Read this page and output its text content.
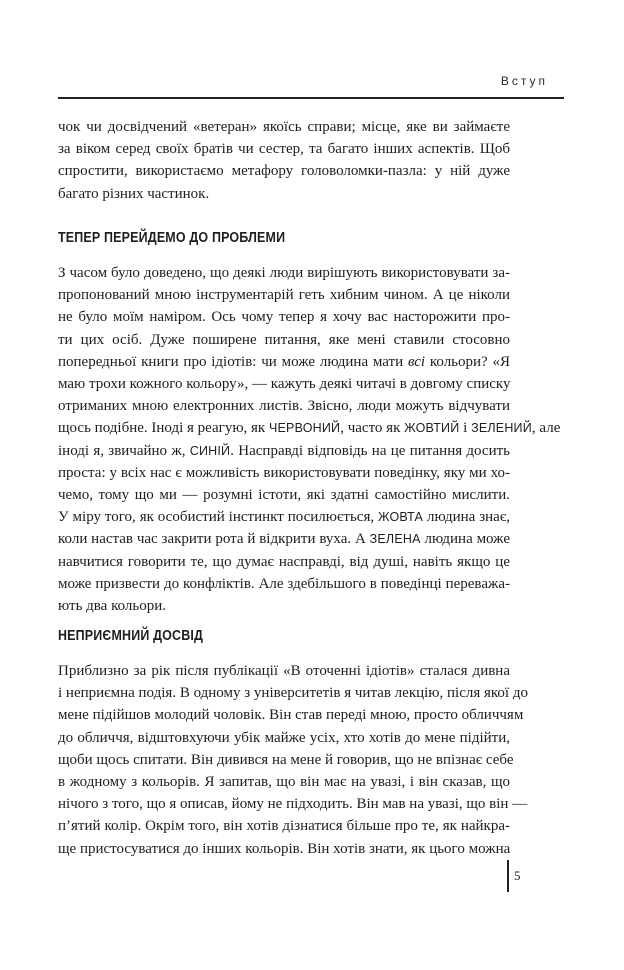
Вступ

чок чи досвідчений «ветеран» якоїсь справи; місце, яке ви займаєте
за віком серед своїх братів чи сестер, та багато інших аспектів. Щоб
спростити, використаємо метафору головоломки-пазла: у ній дуже
багато різних частинок.

ТЕПЕР ПЕРЕЙДЕМО ДО ПРОБЛЕМИ

З часом було доведено, що деякі люди вирішують використовувати за-
пропонований мною інструментарій геть хибним чином. А це ніколи
не було моїм наміром. Ось чому тепер я хочу вас насторожити про-
ти цих осіб. Дуже поширене питання, яке мені ставили стосовно
попередньої книги про ідіотів: чи може людина мати всі кольори? «Я
маю трохи кожного кольору», — кажуть деякі читачі в довгому списку
отриманих мною електронних листів. Звісно, люди можуть відчувати
щось подібне. Іноді я реагую, як ЧЕРВОНИЙ, часто як ЖОВТИЙ і ЗЕЛЕНИЙ, але
іноді я, звичайно ж, СИНІЙ. Насправді відповідь на це питання досить
проста: у всіх нас є можливість використовувати поведінку, яку ми хо-
чемо, тому що ми — розумні істоти, які здатні самостійно мислити.
У міру того, як особистий інстинкт посилюється, ЖОВТА людина знає,
коли настав час закрити рота й відкрити вуха. А ЗЕЛЕНА людина може
навчитися говорити те, що думає насправді, від душі, навіть якщо це
може призвести до конфліктів. Але здебільшого в поведінці переважа-
ють два кольори.

НЕПРИЄМНИЙ ДОСВІД

Приблизно за рік після публікації «В оточенні ідіотів» сталася дивна
і неприємна подія. В одному з університетів я читав лекцію, після якої до
мене підійшов молодий чоловік. Він став переді мною, просто обличчям
до обличчя, відштовхуючи убік майже усіх, хто хотів до мене підійти,
щоби щось спитати. Він дивився на мене й говорив, що не впізнає себе
в жодному з кольорів. Я запитав, що він має на увазі, і він сказав, що
нічого з того, що я описав, йому не підходить. Він мав на увазі, що він —
п’ятий колір. Окрім того, він хотів дізнатися більше про те, як найкра-
ще пристосуватися до інших кольорів. Він хотів знати, як цього можна

5
